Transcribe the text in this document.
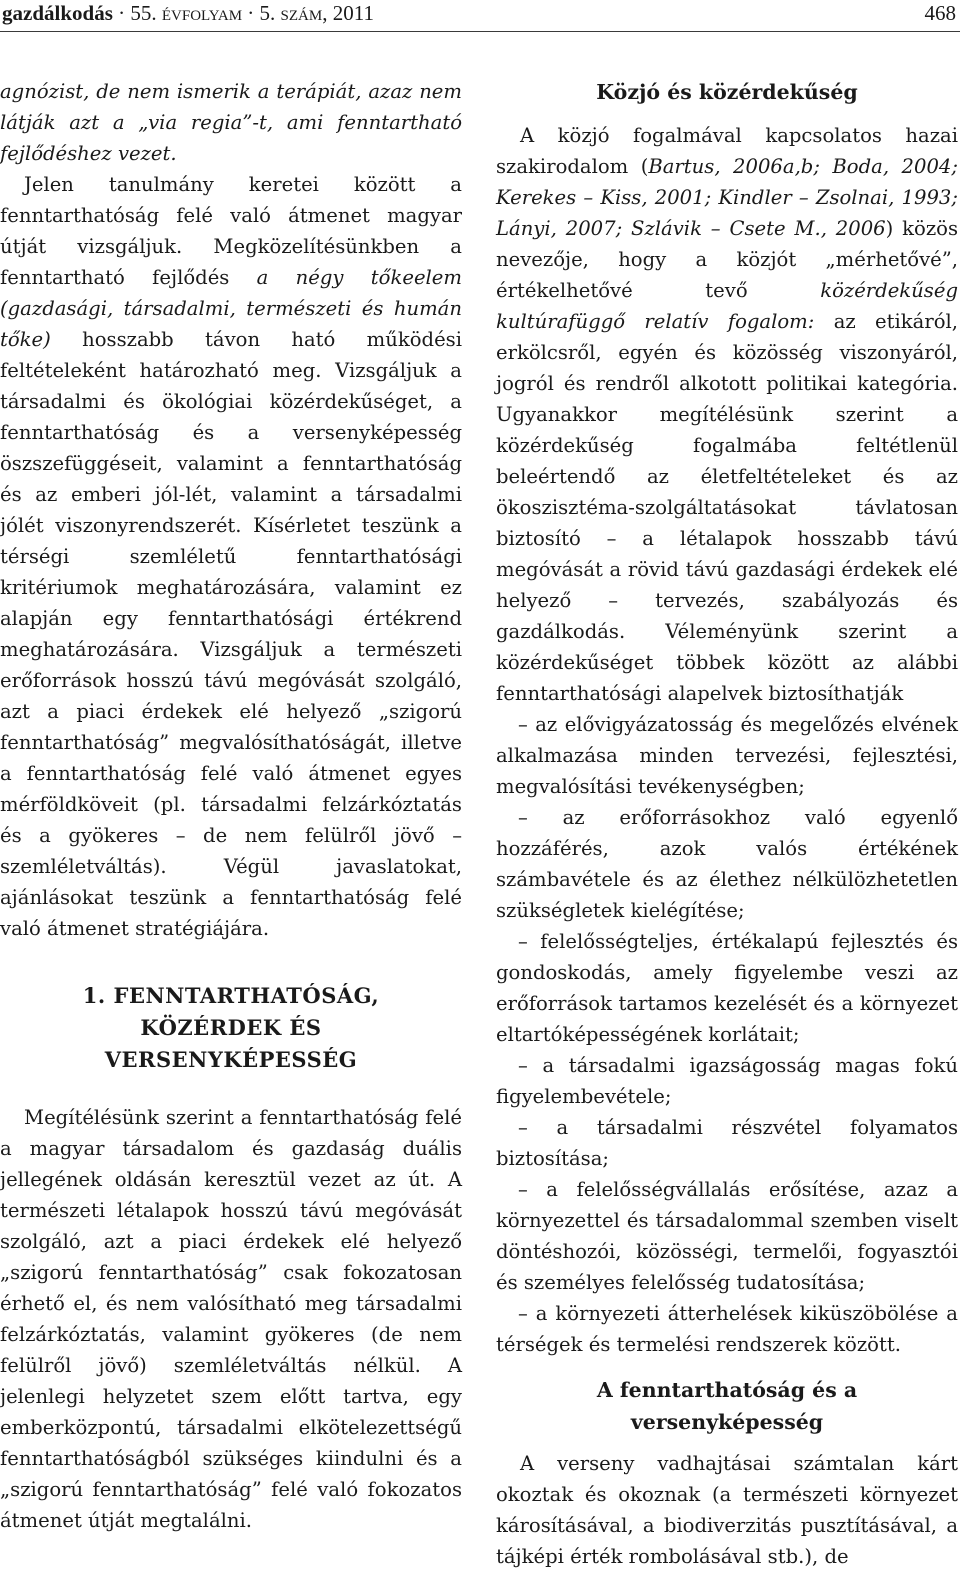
gazdálkodás · 55. évfolyam · 5. szám, 2011	468

agnózist, de nem ismerik a terápiát, azaz nem látják azt a „via regia”-t, ami fenntartható fejlődéshez vezet.

Jelen tanulmány keretei között a fenntarthatóság felé való átmenet magyar útját vizsgáljuk. Megközelítésünkben a fenntartható fejlődés a négy tőkeelem (gazdasági, társadalmi, természeti és humán tőke) hosszabb távon ható működési feltételeként határozható meg. Vizsgáljuk a társadalmi és ökológiai közérdekűséget, a fenntarthatóság és a versenyképesség öszszefüggéseit, valamint a fenntarthatóság és az emberi jól-lét, valamint a társadalmi jólét viszonyrendszerét. Kísérletet teszünk a térségi szemléletű fenntarthatósági kritériumok meghatározására, valamint ez alapján egy fenntarthatósági értékrend meghatározására. Vizsgáljuk a természeti erőforrások hosszú távú megóvását szolgáló, azt a piaci érdekek elé helyező „szigorú fenntarthatóság” megvalósíthatóságát, illetve a fenntarthatóság felé való átmenet egyes mérföldköveit (pl. társadalmi felzárkóztatás és a gyökeres – de nem felülről jövő – szemléletváltás). Végül javaslatokat, ajánlásokat teszünk a fenntarthatóság felé való átmenet stratégiájára.

1. FENNTARTHATÓSÁG,
KÖZÉRDEK ÉS
VERSENYKÉPESSÉG

Megítélésünk szerint a fenntarthatóság felé a magyar társadalom és gazdaság duális jellegének oldásán keresztül vezet az út. A természeti létalapok hosszú távú megóvását szolgáló, azt a piaci érdekek elé helyező „szigorú fenntarthatóság” csak fokozatosan érhető el, és nem valósítható meg társadalmi felzárkóztatás, valamint gyökeres (de nem felülről jövő) szemléletváltás nélkül. A jelenlegi helyzetet szem előtt tartva, egy emberközpontú, társadalmi elkötelezettségű fenntarthatóságból szükséges kiindulni és a „szigorú fenntarthatóság” felé való fokozatos átmenet útját megtalálni.

Közjó és közérdekűség

A közjó fogalmával kapcsolatos hazai szakirodalom (Bartus, 2006a,b; Boda, 2004; Kerekes – Kiss, 2001; Kindler – Zsolnai, 1993; Lányi, 2007; Szlávik – Csete M., 2006) közös nevezője, hogy a közjót „mérhetővé”, értékelhetővé tevő közérdekűség kultúrafüggő relatív fogalom: az etikáról, erkölcsről, egyén és közösség viszonyáról, jogról és rendről alkotott politikai kategória. Ugyanakkor megítélésünk szerint a közérdekűség fogalmába feltétlenül beleértendő az életfeltételeket és az ökoszisztéma-szolgáltatásokat távlatosan biztosító – a létalapok hosszabb távú megóvását a rövid távú gazdasági érdekek elé helyező – tervezés, szabályozás és gazdálkodás. Véleményünk szerint a közérdekűséget többek között az alábbi fenntarthatósági alapelvek biztosíthatják

– az elővigyázatosság és megelőzés elvének alkalmazása minden tervezési, fejlesztési, megvalósítási tevékenységben;

– az erőforrásokhoz való egyenlő hozzáférés, azok valós értékének számbavétele és az élethez nélkülözhetetlen szükségletek kielégítése;

– felelősségteljes, értékalapú fejlesztés és gondoskodás, amely figyelembe veszi az erőforrások tartamos kezelését és a környezet eltartóképességének korlátait;

– a társadalmi igazságosság magas fokú figyelembevétele;

– a társadalmi részvétel folyamatos biztosítása;

– a felelősségvállalás erősítése, azaz a környezettel és társadalommal szemben viselt döntéshozói, közösségi, termelői, fogyasztói és személyes felelősség tudatosítása;

– a környezeti átterhelések kiküszöbölése a térségek és termelési rendszerek között.

A fenntarthatóság és a
versenyképesség

A verseny vadhajtásai számtalan kárt okoztak és okoznak (a természeti környezet károsításával, a biodiverzitás pusztításával, a tájképi érték rombolásával stb.), de
